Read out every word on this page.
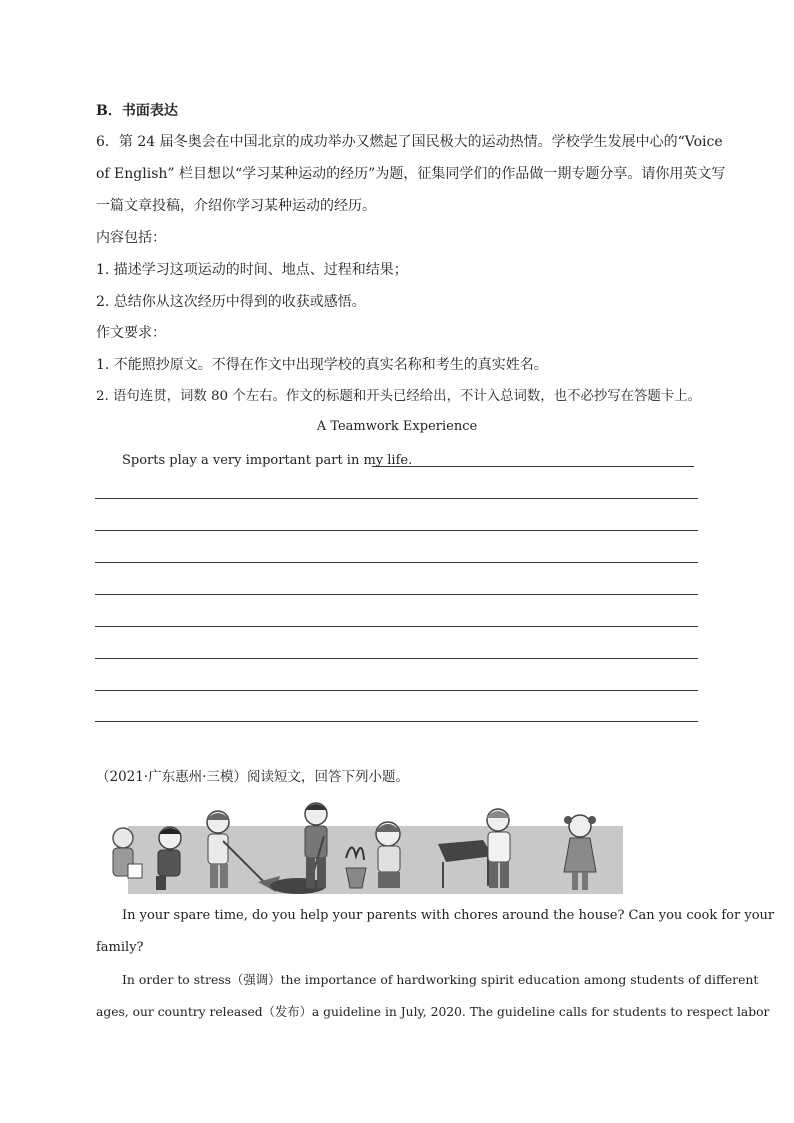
B．书面表达
6．第 24 届冬奥会在中国北京的成功举办又燃起了国民极大的运动热情。学校学生发展中心的“Voice
of English” 栏目想以“学习某种运动的经历”为题，征集同学们的作品做一期专题分享。请你用英文写
一篇文章投稿，介绍你学习某种运动的经历。
内容包括：
1. 描述学习这项运动的时间、地点、过程和结果；
2. 总结你从这次经历中得到的收获或感悟。
作文要求：
1. 不能照抄原文。不得在作文中出现学校的真实名称和考生的真实姓名。
2. 语句连贯，词数 80 个左右。作文的标题和开头已经给出，不计入总词数，也不必抄写在答题卡上。
A Teamwork Experience
Sports play a very important part in my life.
（2021·广东惠州·三模）阅读短文，回答下列小题。
In your spare time, do you help your parents with chores around the house? Can you cook for your
family?
In order to stress（强调）the importance of hardworking spirit education among students of different
ages, our country released（发布）a guideline in July, 2020. The guideline calls for students to respect labor
